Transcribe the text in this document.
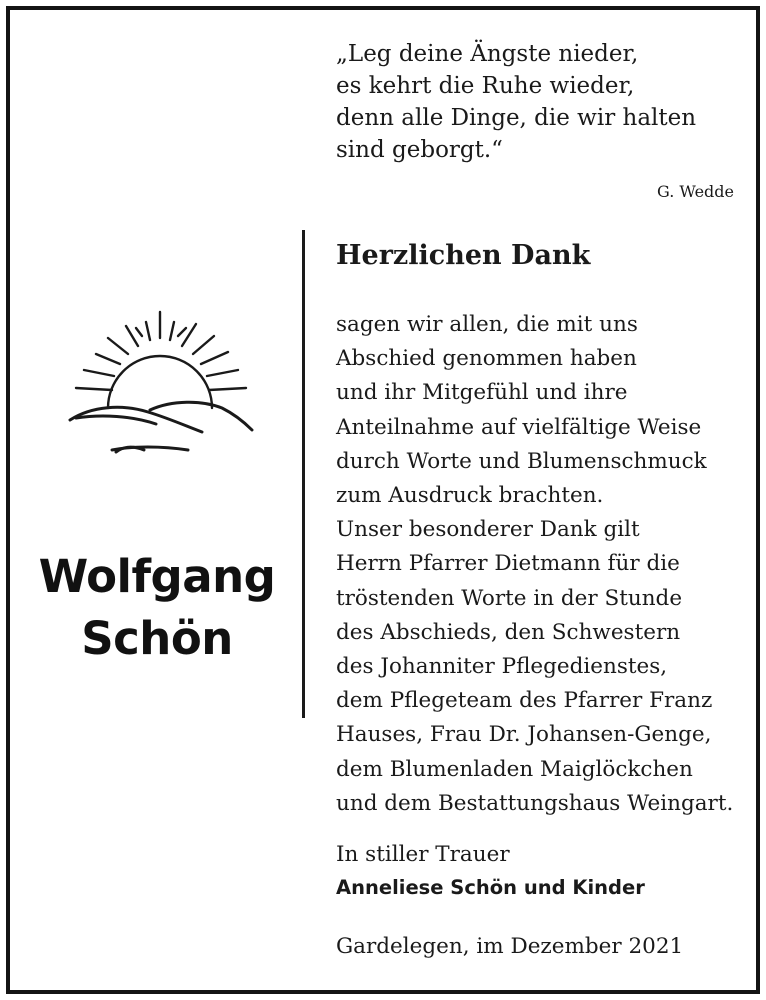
„Leg deine Ängste nieder,
es kehrt die Ruhe wieder,
denn alle Dinge, die wir halten
sind geborgt.“
G. Wedde
Wolfgang
Schön
Herzlichen Dank
sagen wir allen, die mit uns
Abschied genommen haben
und ihr Mitgefühl und ihre
Anteilnahme auf vielfältige Weise
durch Worte und Blumenschmuck
zum Ausdruck brachten.
Unser besonderer Dank gilt
Herrn Pfarrer Dietmann für die
tröstenden Worte in der Stunde
des Abschieds, den Schwestern
des Johanniter Pflegedienstes,
dem Pflegeteam des Pfarrer Franz
Hauses, Frau Dr. Johansen-Genge,
dem Blumenladen Maiglöckchen
und dem Bestattungshaus Weingart.
In stiller Trauer
Anneliese Schön und Kinder
Gardelegen, im Dezember 2021
